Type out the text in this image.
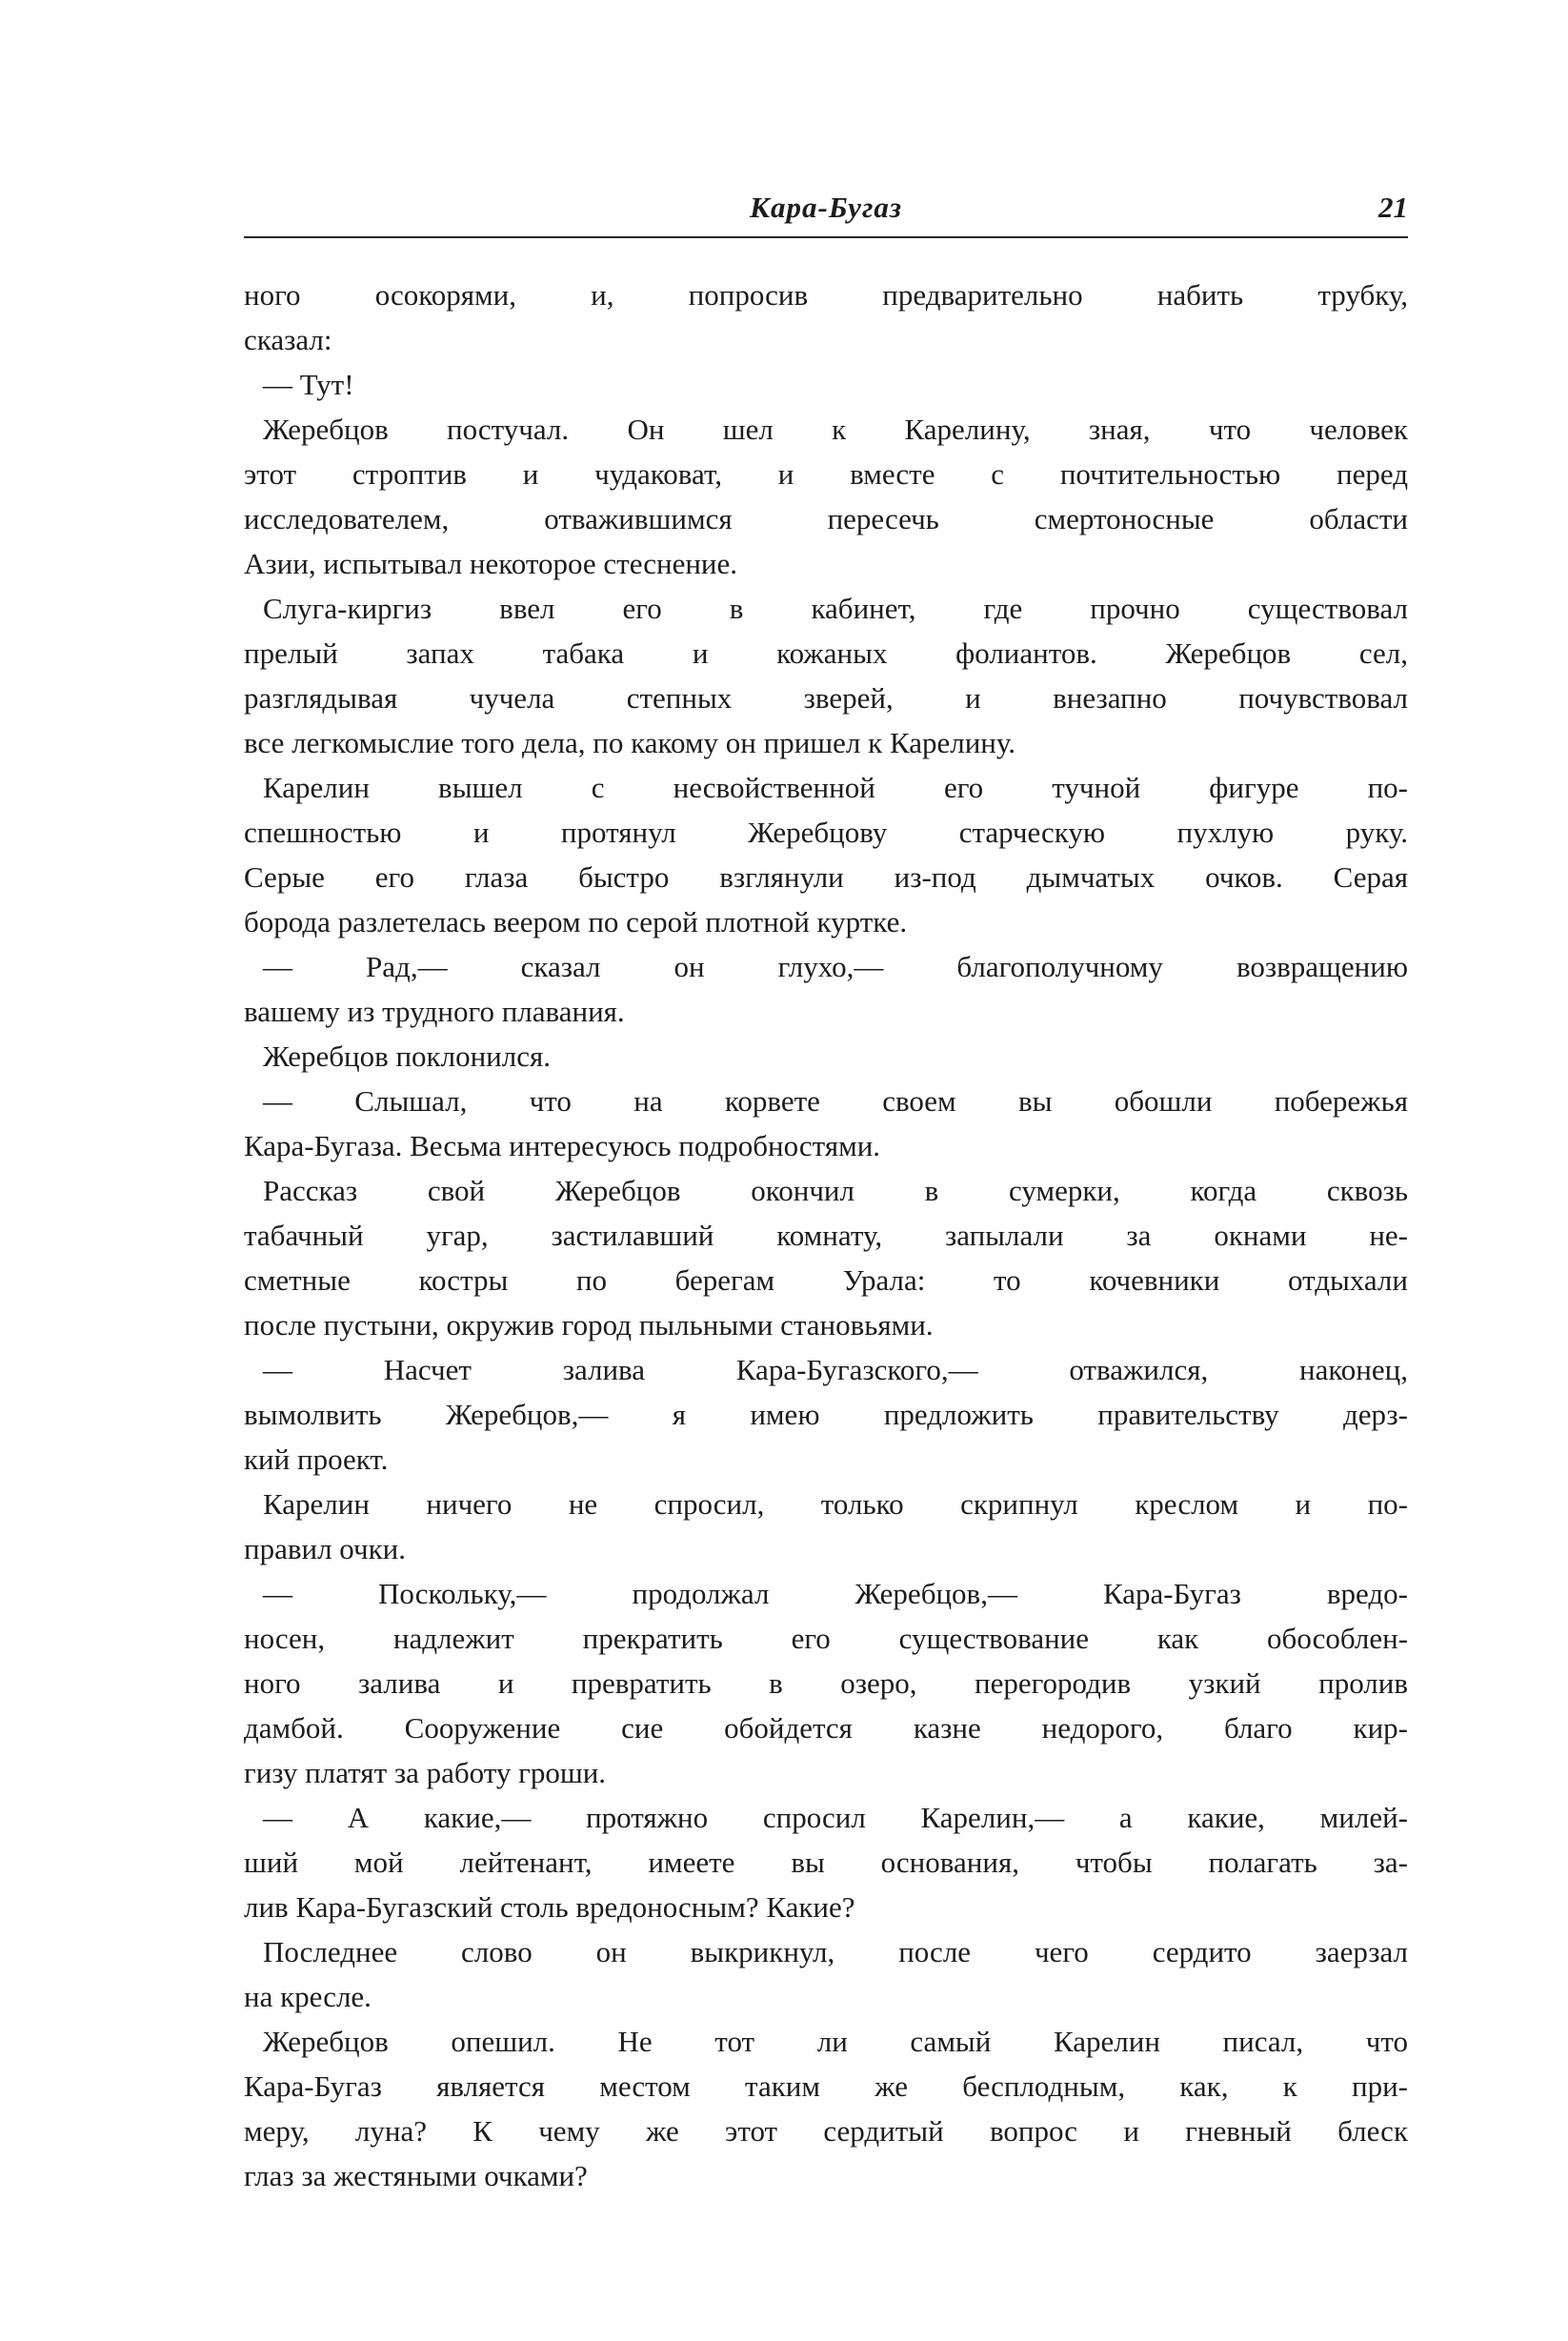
Кара-Бугаз	21
ного осокорями, и, попросив предварительно набить трубку,
сказал:
— Тут!
Жеребцов постучал. Он шел к Карелину, зная, что человек
этот строптив и чудаковат, и вместе с почтительностью перед
исследователем, отважившимся пересечь смертоносные области
Азии, испытывал некоторое стеснение.
Слуга-киргиз ввел его в кабинет, где прочно существовал
прелый запах табака и кожаных фолиантов. Жеребцов сел,
разглядывая чучела степных зверей, и внезапно почувствовал
все легкомыслие того дела, по какому он пришел к Карелину.
Карелин вышел с несвойственной его тучной фигуре по-
спешностью и протянул Жеребцову старческую пухлую руку.
Серые его глаза быстро взглянули из-под дымчатых очков. Серая
борода разлетелась веером по серой плотной куртке.
— Рад,— сказал он глухо,— благополучному возвращению
вашему из трудного плавания.
Жеребцов поклонился.
— Слышал, что на корвете своем вы обошли побережья
Кара-Бугаза. Весьма интересуюсь подробностями.
Рассказ свой Жеребцов окончил в сумерки, когда сквозь
табачный угар, застилавший комнату, запылали за окнами не-
сметные костры по берегам Урала: то кочевники отдыхали
после пустыни, окружив город пыльными становьями.
— Насчет залива Кара-Бугазского,— отважился, наконец,
вымолвить Жеребцов,— я имею предложить правительству дерз-
кий проект.
Карелин ничего не спросил, только скрипнул креслом и по-
правил очки.
— Поскольку,— продолжал Жеребцов,— Кара-Бугаз вредо-
носен, надлежит прекратить его существование как обособлен-
ного залива и превратить в озеро, перегородив узкий пролив
дамбой. Сооружение сие обойдется казне недорого, благо кир-
гизу платят за работу гроши.
— А какие,— протяжно спросил Карелин,— а какие, милей-
ший мой лейтенант, имеете вы основания, чтобы полагать за-
лив Кара-Бугазский столь вредоносным? Какие?
Последнее слово он выкрикнул, после чего сердито заерзал
на кресле.
Жеребцов опешил. Не тот ли самый Карелин писал, что
Кара-Бугаз является местом таким же бесплодным, как, к при-
меру, луна? К чему же этот сердитый вопрос и гневный блеск
глаз за жестяными очками?
